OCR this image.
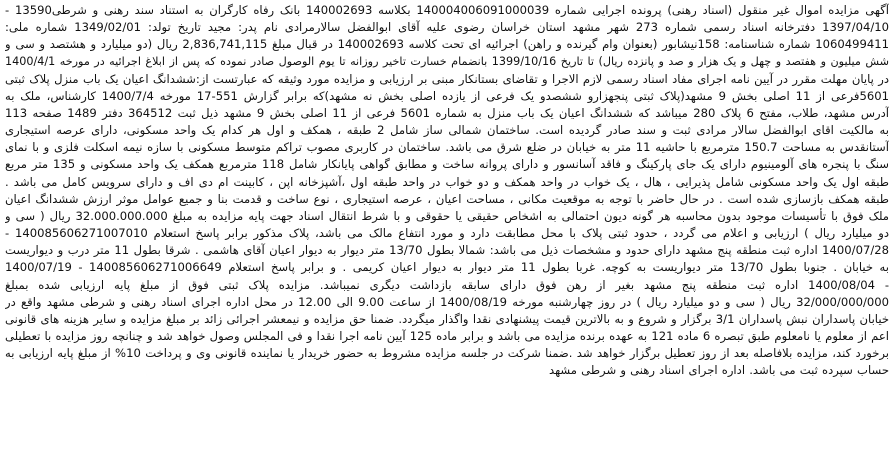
آگهی مزایده اموال غیر منقول (اسناد رهنی) پرونده اجرایی شماره 140004006091000039 بکلاسه 140002693 بانک رفاه کارگران به استناد سند رهنی و شرطی13590 -
1397/04/10 دفترخانه اسناد رسمی شماره 273 شهر مشهد استان خراسان رضوی علیه آقای ابوالفضل سالارمرادی نام پدر: مجید تاریخ تولد: 1349/02/01 شماره ملی:
1060499411 شماره شناسنامه: 158نیشابور (بعنوان وام گیرنده و راهن) اجرائیه ای تحت کلاسه 140002693 در قبال مبلغ 2,836,741,115 ریال (دو میلیارد و هشتصد و سی و
شش میلیون و هفتصد و چهل و یک هزار و صد و پانزده ریال) تا تاریخ 1399/10/16 بانضمام خسارت تاخیر روزانه تا یوم الوصول صادر نموده که پس از ابلاغ اجرائیه در مورخه 1400/4/1
در پایان مهلت مقرر در آیین نامه اجرای مفاد اسناد رسمی لازم الاجرا و تقاضای بستانکار مبنی بر ارزیابی و مزایده مورد وثیقه که عبارتست از:ششدانگ اعیان یک باب منزل پلاک ثبتی
5601فرعی از 11 اصلی بخش 9 مشهد(پلاک ثبتی پنجهزارو ششصدو یک فرعی از یازده اصلی بخش نه مشهد)که برابر گزارش 551-17 مورخه 1400/7/4 کارشناس، ملک به
آدرس مشهد، طلاب، مفتح 6 پلاک 280 میباشد که ششدانگ اعیان یک باب منزل به شماره 5601 فرعی از 11 اصلی بخش 9 مشهد ذیل ثبت 364512 دفتر 1489 صفحه 113
به مالکیت اقای ابوالفضل سالار مرادی ثبت و سند صادر گردیده است. ساختمان شمالی ساز شامل 2 طبقه ، همکف و اول هر کدام یک واحد مسکونی، دارای عرصه استیجاری
آستانقدس به مساحت 150.7 مترمربع با حاشیه 11 متر به خیابان در ضلع شرق می باشد. ساختمان در کاربری مصوب تراکم متوسط مسکونی با سازه نیمه اسکلت فلزی و با نمای
سنگ با پنجره های آلومینیوم دارای یک جای پارکینگ و فاقد آسانسور و دارای پروانه ساخت و مطابق گواهی پایانکار شامل 118 مترمربع همکف یک واحد مسکونی و 135 متر مربع
طبقه اول یک واحد مسکونی شامل پذیرایی ، هال ، یک خواب در واحد همکف و دو خواب در واحد طبقه اول ،آشپزخانه اپن ، کابینت ام دی اف و دارای سرویس کامل می باشد .
طبقه همکف بازسازی شده است . در حال حاضر با توجه به موقعیت مکانی ، مساحت اعیان ، عرصه استیجاری ، نوع ساخت و قدمت بنا و جمیع عوامل موثر ارزش ششدانگ اعیان
ملک فوق با تأسیسات موجود بدون محاسبه هر گونه دیون احتمالی به اشخاص حقیقی یا حقوقی و با شرط انتقال اسناد جهت پایه مزایده به مبلغ 32.000.000.000 ریال ( سی و
دو میلیارد ریال ) ارزیابی و اعلام می گردد ، حدود ثبتی پلاک با محل مطابقت دارد و مورد انتفاع مالک می باشد، پلاک مذکور برابر پاسخ استعلام 140085606271007010 -
1400/07/28 اداره ثبت منطقه پنج مشهد دارای حدود و مشخصات ذیل می باشد: شمالا بطول 13/70 متر دیوار به دیوار اعیان آقای هاشمی . شرقا بطول 11 متر درب و دیواریست
به خیابان . جنوبا بطول 13/70 متر دیواریست به کوچه. غربا بطول 11 متر دیوار به دیوار اعیان کریمی . و برابر پاسخ استعلام 140085606271006649 - 1400/07/19
- 1400/08/04 اداره ثبت منطقه پنج مشهد بغیر از رهن فوق دارای سابقه بازداشت دیگری نمیباشد. مزایده پلاک ثبتی فوق از مبلغ پایه ارزیابی شده بمبلغ
32/000/000/000 ریال ( سی و دو میلیارد ریال ) در روز چهارشنبه مورخه 1400/08/19 از ساعت 9.00 الی 12.00 در محل اداره اجرای اسناد رهنی و شرطی مشهد واقع در
خیابان پاسداران نبش پاسداران 3/1 برگزار و شروع و به بالاترین قیمت پیشنهادی نقدا واگذار میگردد. ضمنا حق مزایده و نیمعشر اجرائی زائد بر مبلغ مزایده و سایر هزینه های قانونی
اعم از معلوم یا نامعلوم طبق تبصره 6 ماده 121 به عهده برنده مزایده می باشد و برابر ماده 125 آیین نامه اجرا نقدا و فی المجلس وصول خواهد شد و چنانچه روز مزایده با تعطیلی
برخورد کند، مزایده بلافاصله بعد از روز تعطیل برگزار خواهد شد .ضمنا شرکت در جلسه مزایده مشروط به حضور خریدار یا نماینده قانونی وی و پرداخت 10% از مبلغ پایه ارزیابی به
حساب سپرده ثبت می باشد. اداره اجرای اسناد رهنی و شرطی مشهد
